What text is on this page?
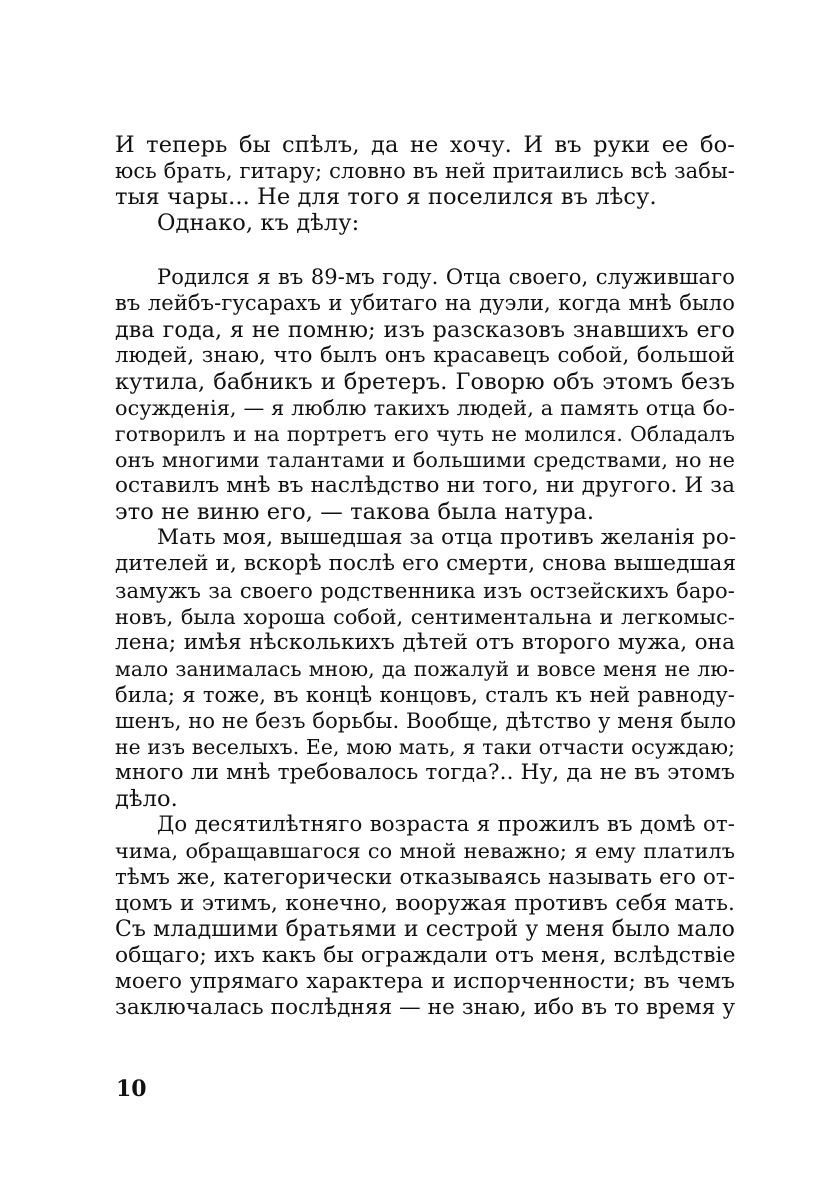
И теперь бы спѣлъ, да не хочу. И въ руки ее бо-
юсь брать, гитару; словно въ ней притаились всѣ забы-
тыя чары... Не для того я поселился въ лѣсу.

Однако, къ дѣлу:

Родился я въ 89-мъ году. Отца своего, служившаго
въ лейбъ-гусарахъ и убитаго на дуэли, когда мнѣ было
два года, я не помню; изъ разсказовъ знавшихъ его
людей, знаю, что былъ онъ красавецъ собой, большой
кутила, бабникъ и бретеръ. Говорю объ этомъ безъ
осужденія, — я люблю такихъ людей, а память отца бо-
готворилъ и на портретъ его чуть не молился. Обладалъ
онъ многими талантами и большими средствами, но не
оставилъ мнѣ въ наслѣдство ни того, ни другого. И за
это не виню его, — такова была натура.

Мать моя, вышедшая за отца противъ желанія ро-
дителей и, вскорѣ послѣ его смерти, снова вышедшая
замужъ за своего родственника изъ остзейскихъ баро-
новъ, была хороша собой, сентиментальна и легкомыс-
лена; имѣя нѣсколькихъ дѣтей отъ второго мужа, она
мало занималась мною, да пожалуй и вовсе меня не лю-
била; я тоже, въ концѣ концовъ, сталъ къ ней равноду-
шенъ, но не безъ борьбы. Вообще, дѣтство у меня было
не изъ веселыхъ. Ее, мою мать, я таки отчасти осуждаю;
много ли мнѣ требовалось тогда?.. Ну, да не въ этомъ
дѣло.

До десятилѣтняго возраста я прожилъ въ домѣ от-
чима, обращавшагося со мной неважно; я ему платилъ
тѣмъ же, категорически отказываясь называть его от-
цомъ и этимъ, конечно, вооружая противъ себя мать.
Съ младшими братьями и сестрой у меня было мало
общаго; ихъ какъ бы ограждали отъ меня, вслѣдствіе
моего упрямаго характера и испорченности; въ чемъ
заключалась послѣдняя — не знаю, ибо въ то время у

10
